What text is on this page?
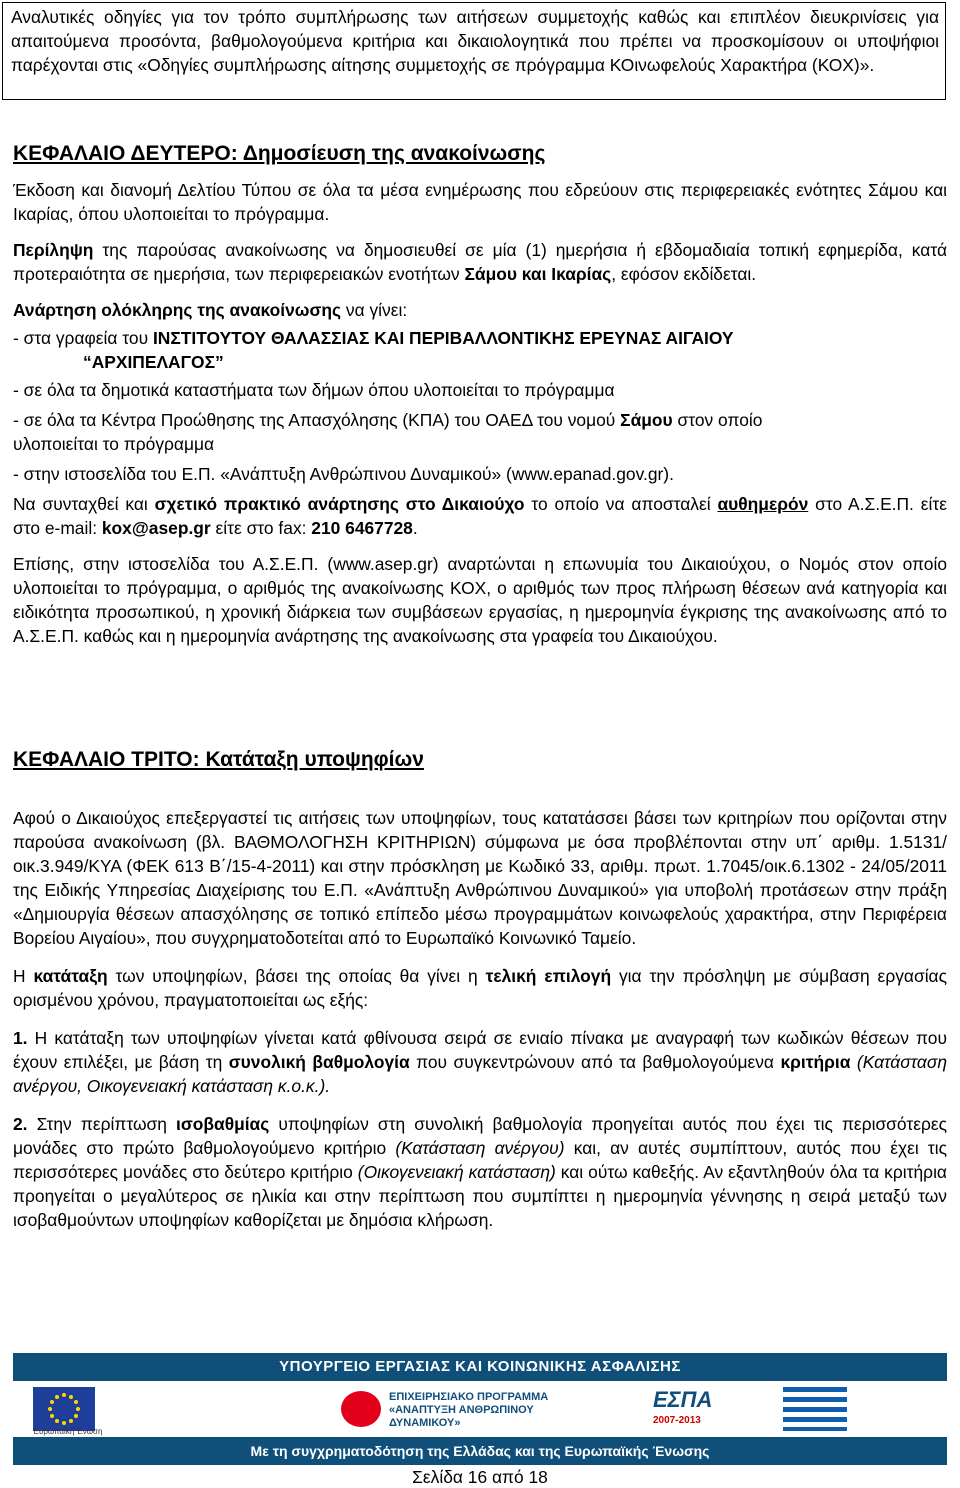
Αναλυτικές οδηγίες για τον τρόπο συμπλήρωσης των αιτήσεων συμμετοχής καθώς και επιπλέον διευκρινίσεις για απαιτούμενα προσόντα, βαθμολογούμενα κριτήρια και δικαιολογητικά που πρέπει να προσκομίσουν οι υποψήφιοι παρέχονται στις «Οδηγίες συμπλήρωσης αίτησης συμμετοχής σε πρόγραμμα ΚΟινωφελούς Χαρακτήρα (ΚΟΧ)».

ΚΕΦΑΛΑΙΟ ΔΕΥΤΕΡΟ: Δημοσίευση της ανακοίνωσης

Έκδοση και διανομή Δελτίου Τύπου σε όλα τα μέσα ενημέρωσης που εδρεύουν στις περιφερειακές ενότητες Σάμου και Ικαρίας, όπου υλοποιείται το πρόγραμμα.

Περίληψη της παρούσας ανακοίνωσης να δημοσιευθεί σε μία (1) ημερήσια ή εβδομαδιαία τοπική εφημερίδα, κατά προτεραιότητα σε ημερήσια, των περιφερειακών ενοτήτων Σάμου και Ικαρίας, εφόσον εκδίδεται.

Ανάρτηση ολόκληρης της ανακοίνωσης να γίνει:

- στα γραφεία του ΙΝΣΤΙΤΟΥΤΟΥ ΘΑΛΑΣΣΙΑΣ ΚΑΙ ΠΕΡΙΒΑΛΛΟΝΤΙΚΗΣ ΕΡΕΥΝΑΣ ΑΙΓΑΙΟΥ
“ΑΡΧΙΠΕΛΑΓΟΣ”

- σε όλα τα δημοτικά καταστήματα των δήμων όπου υλοποιείται το πρόγραμμα

- σε όλα τα Κέντρα Προώθησης της Απασχόλησης (ΚΠΑ) του ΟΑΕΔ του νομού Σάμου στον οποίο
υλοποιείται το πρόγραμμα

- στην ιστοσελίδα του Ε.Π. «Ανάπτυξη Ανθρώπινου Δυναμικού» (www.epanad.gov.gr).

Να συνταχθεί και σχετικό πρακτικό ανάρτησης στο Δικαιούχο το οποίο να αποσταλεί αυθημερόν στο Α.Σ.Ε.Π. είτε στο e-mail: kox@asep.gr είτε στο fax: 210 6467728.

Επίσης, στην ιστοσελίδα του Α.Σ.Ε.Π. (www.asep.gr) αναρτώνται η επωνυμία του Δικαιούχου, ο Νομός στον οποίο υλοποιείται το πρόγραμμα, ο αριθμός της ανακοίνωσης ΚΟΧ, ο αριθμός των προς πλήρωση θέσεων ανά κατηγορία και ειδικότητα προσωπικού, η χρονική διάρκεια των συμβάσεων εργασίας, η ημερομηνία έγκρισης της ανακοίνωσης από το Α.Σ.Ε.Π. καθώς και η ημερομηνία ανάρτησης της ανακοίνωσης στα γραφεία του Δικαιούχου.

ΚΕΦΑΛΑΙΟ ΤΡΙΤΟ: Κατάταξη υποψηφίων

Αφού ο Δικαιούχος επεξεργαστεί τις αιτήσεις των υποψηφίων, τους κατατάσσει βάσει των κριτηρίων που ορίζονται στην παρούσα ανακοίνωση (βλ. ΒΑΘΜΟΛΟΓΗΣΗ ΚΡΙΤΗΡΙΩΝ) σύμφωνα με όσα προβλέπονται στην υπ΄ αριθμ. 1.5131/οικ.3.949/ΚΥΑ (ΦΕΚ 613 Β΄/15-4-2011) και στην πρόσκληση με Κωδικό 33, αριθμ. πρωτ. 1.7045/οικ.6.1302 - 24/05/2011 της Ειδικής Υπηρεσίας Διαχείρισης του Ε.Π. «Ανάπτυξη Ανθρώπινου Δυναμικού» για υποβολή προτάσεων στην πράξη «Δημιουργία θέσεων απασχόλησης σε τοπικό επίπεδο μέσω προγραμμάτων κοινωφελούς χαρακτήρα, στην Περιφέρεια Βορείου Αιγαίου», που συγχρηματοδοτείται από το Ευρωπαϊκό Κοινωνικό Ταμείο.

Η κατάταξη των υποψηφίων, βάσει της οποίας θα γίνει η τελική επιλογή για την πρόσληψη με σύμβαση εργασίας ορισμένου χρόνου, πραγματοποιείται ως εξής:

1. Η κατάταξη των υποψηφίων γίνεται κατά φθίνουσα σειρά σε ενιαίο πίνακα με αναγραφή των κωδικών θέσεων που έχουν επιλέξει, με βάση τη συνολική βαθμολογία που συγκεντρώνουν από τα βαθμολογούμενα κριτήρια (Κατάσταση ανέργου, Οικογενειακή κατάσταση κ.ο.κ.).

2. Στην περίπτωση ισοβαθμίας υποψηφίων στη συνολική βαθμολογία προηγείται αυτός που έχει τις περισσότερες μονάδες στο πρώτο βαθμολογούμενο κριτήριο (Κατάσταση ανέργου) και, αν αυτές συμπίπτουν, αυτός που έχει τις περισσότερες μονάδες στο δεύτερο κριτήριο (Οικογενειακή κατάσταση) και ούτω καθεξής. Αν εξαντληθούν όλα τα κριτήρια προηγείται ο μεγαλύτερος σε ηλικία και στην περίπτωση που συμπίπτει η ημερομηνία γέννησης η σειρά μεταξύ των ισοβαθμούντων υποψηφίων καθορίζεται με δημόσια κλήρωση.

ΥΠΟΥΡΓΕΙΟ ΕΡΓΑΣΙΑΣ ΚΑΙ ΚΟΙΝΩΝΙΚΗΣ ΑΣΦΑΛΙΣΗΣ
Ευρωπαϊκή Ένωση
ΕΠΙΧΕΙΡΗΣΙΑΚΟ ΠΡΟΓΡΑΜΜΑ
«ΑΝΑΠΤΥΞΗ ΑΝΘΡΩΠΙΝΟΥ ΔΥΝΑΜΙΚΟΥ»
ΕΣΠΑ
2007-2013
Με τη συγχρηματοδότηση της Ελλάδας και της Ευρωπαϊκής Ένωσης
Σελίδα 16 από 18
